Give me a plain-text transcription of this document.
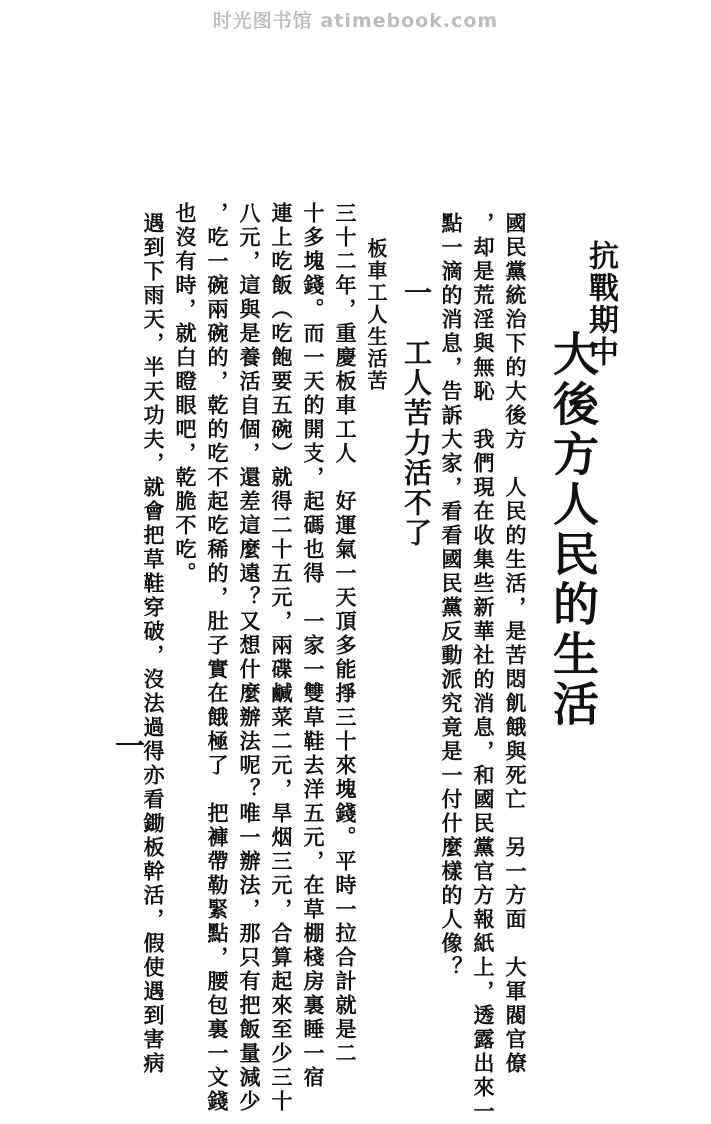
时光图书馆 atimebook.com
抗戰期中
大後方人民的生活
國民黨統治下的大後方　人民的生活，是苦悶飢餓與死亡　另一方面　大軍閥官僚
，却是荒淫與無恥　我們現在收集些新華社的消息，和國民黨官方報紙上，透露出來一
點一滴的消息，告訴大家，看看國民黨反動派究竟是一付什麼樣的人像？
一　工人苦力活不了
板車工人生活苦
三十二年，重慶板車工人　好運氣一天頂多能掙三十來塊錢。平時一拉合計就是二
十多塊錢。而一天的開支，起碼也得　一家一雙草鞋去洋五元，在草棚棧房裏睡一宿
連上吃飯（吃飽要五碗）就得二十五元，兩碟鹹菜二元，旱烟三元，合算起來至少三十
八元，這與是養活自個，還差這麼遠？又想什麼辦法呢？唯一辦法，那只有把飯量減少
，吃一碗兩碗的，乾的吃不起吃稀的，肚子實在餓極了　把褲帶勒緊點，腰包裏一文錢
也沒有時，就白瞪眼吧，乾脆不吃。
遇到下雨天，半天功夫，就會把草鞋穿破，沒法過得亦看鋤板幹活，假使遇到害病
一
